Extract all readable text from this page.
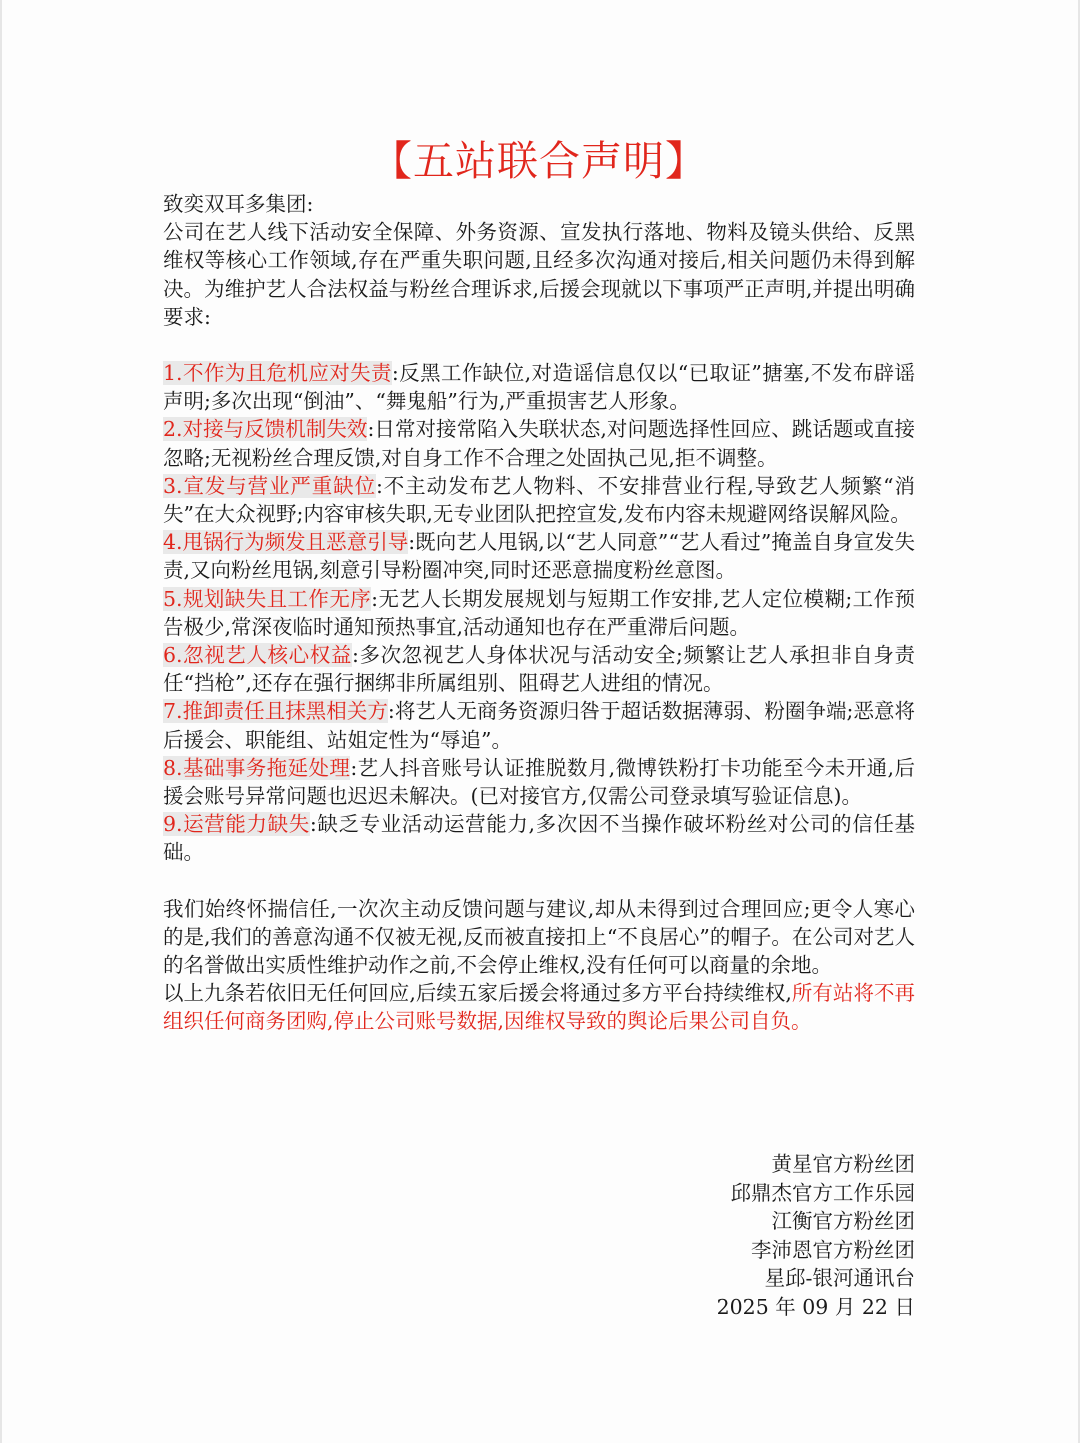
【五站联合声明】

致奕双耳多集团:

公司在艺人线下活动安全保障、外务资源、宣发执行落地、物料及镜头供给、反黑维权等核心工作领域,存在严重失职问题,且经多次沟通对接后,相关问题仍未得到解决。为维护艺人合法权益与粉丝合理诉求,后援会现就以下事项严正声明,并提出明确要求:

1.不作为且危机应对失责:反黑工作缺位,对造谣信息仅以“已取证”搪塞,不发布辟谣声明;多次出现“倒油”、“舞鬼船”行为,严重损害艺人形象。

2.对接与反馈机制失效:日常对接常陷入失联状态,对问题选择性回应、跳话题或直接忽略;无视粉丝合理反馈,对自身工作不合理之处固执己见,拒不调整。

3.宣发与营业严重缺位:不主动发布艺人物料、不安排营业行程,导致艺人频繁“消失”在大众视野;内容审核失职,无专业团队把控宣发,发布内容未规避网络误解风险。

4.甩锅行为频发且恶意引导:既向艺人甩锅,以“艺人同意”“艺人看过”掩盖自身宣发失责,又向粉丝甩锅,刻意引导粉圈冲突,同时还恶意揣度粉丝意图。

5.规划缺失且工作无序:无艺人长期发展规划与短期工作安排,艺人定位模糊;工作预告极少,常深夜临时通知预热事宜,活动通知也存在严重滞后问题。

6.忽视艺人核心权益:多次忽视艺人身体状况与活动安全;频繁让艺人承担非自身责任“挡枪”,还存在强行捆绑非所属组别、阻碍艺人进组的情况。

7.推卸责任且抹黑相关方:将艺人无商务资源归咎于超话数据薄弱、粉圈争端;恶意将后援会、职能组、站姐定性为“辱追”。

8.基础事务拖延处理:艺人抖音账号认证推脱数月,微博铁粉打卡功能至今未开通,后援会账号异常问题也迟迟未解决。(已对接官方,仅需公司登录填写验证信息)。

9.运营能力缺失:缺乏专业活动运营能力,多次因不当操作破坏粉丝对公司的信任基础。

我们始终怀揣信任,一次次主动反馈问题与建议,却从未得到过合理回应;更令人寒心的是,我们的善意沟通不仅被无视,反而被直接扣上“不良居心”的帽子。在公司对艺人的名誉做出实质性维护动作之前,不会停止维权,没有任何可以商量的余地。

以上九条若依旧无任何回应,后续五家后援会将通过多方平台持续维权,所有站将不再组织任何商务团购,停止公司账号数据,因维权导致的舆论后果公司自负。

黄星官方粉丝团
邱鼎杰官方工作乐园
江衡官方粉丝团
李沛恩官方粉丝团
星邱-银河通讯台
2025 年 09 月 22 日
